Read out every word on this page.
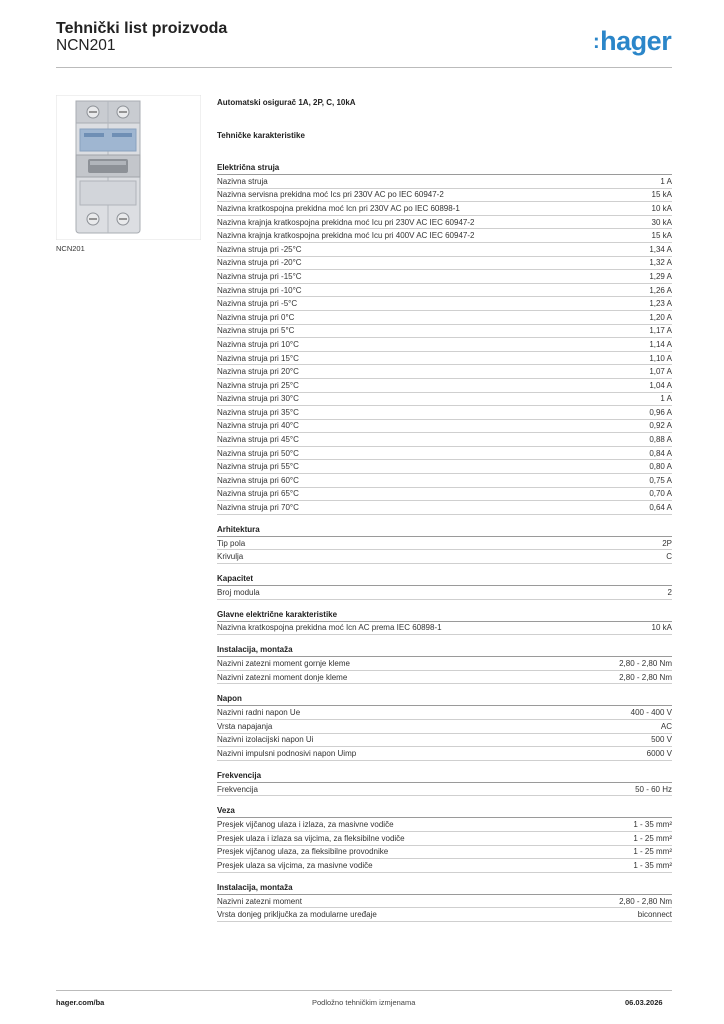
Tehnički list proizvoda
NCN201	:hager
NCN201
Automatski osigurač 1A, 2P, C, 10kA
Tehničke karakteristike
Električna struja
Nazivna struja	1 A
Nazivna servisna prekidna moć Ics pri 230V AC po IEC 60947-2	15 kA
Nazivna kratkospojna prekidna moć Icn pri 230V AC po IEC 60898-1	10 kA
Nazivna krajnja kratkospojna prekidna moć Icu pri 230V AC IEC 60947-2	30 kA
Nazivna krajnja kratkospojna prekidna moć Icu pri 400V AC IEC 60947-2	15 kA
Nazivna struja pri -25°C	1,34 A
Nazivna struja pri -20°C	1,32 A
Nazivna struja pri -15°C	1,29 A
Nazivna struja pri -10°C	1,26 A
Nazivna struja pri -5°C	1,23 A
Nazivna struja pri 0°C	1,20 A
Nazivna struja pri 5°C	1,17 A
Nazivna struja pri 10°C	1,14 A
Nazivna struja pri 15°C	1,10 A
Nazivna struja pri 20°C	1,07 A
Nazivna struja pri 25°C	1,04 A
Nazivna struja pri 30°C	1 A
Nazivna struja pri 35°C	0,96 A
Nazivna struja pri 40°C	0,92 A
Nazivna struja pri 45°C	0,88 A
Nazivna struja pri 50°C	0,84 A
Nazivna struja pri 55°C	0,80 A
Nazivna struja pri 60°C	0,75 A
Nazivna struja pri 65°C	0,70 A
Nazivna struja pri 70°C	0,64 A
Arhitektura
Tip pola	2P
Krivulja	C
Kapacitet
Broj modula	2
Glavne električne karakteristike
Nazivna kratkospojna prekidna moć Icn AC prema IEC 60898-1	10 kA
Instalacija, montaža
Nazivni zatezni moment gornje kleme	2,80 - 2,80 Nm
Nazivni zatezni moment donje kleme	2,80 - 2,80 Nm
Napon
Nazivni radni napon Ue	400 - 400 V
Vrsta napajanja	AC
Nazivni izolacijski napon Ui	500 V
Nazivni impulsni podnosivi napon Uimp	6000 V
Frekvencija
Frekvencija	50 - 60 Hz
Veza
Presjek vijčanog ulaza i izlaza, za masivne vodiče	1 - 35 mm²
Presjek ulaza i izlaza sa vijcima, za fleksibilne vodiče	1 - 25 mm²
Presjek vijčanog ulaza, za fleksibilne provodnike	1 - 25 mm²
Presjek ulaza sa vijcima, za masivne vodiče	1 - 35 mm²
Instalacija, montaža
Nazivni zatezni moment	2,80 - 2,80 Nm
Vrsta donjeg priključka za modularne uređaje	biconnect
hager.com/ba	Podložno tehničkim izmjenama	06.03.2026
